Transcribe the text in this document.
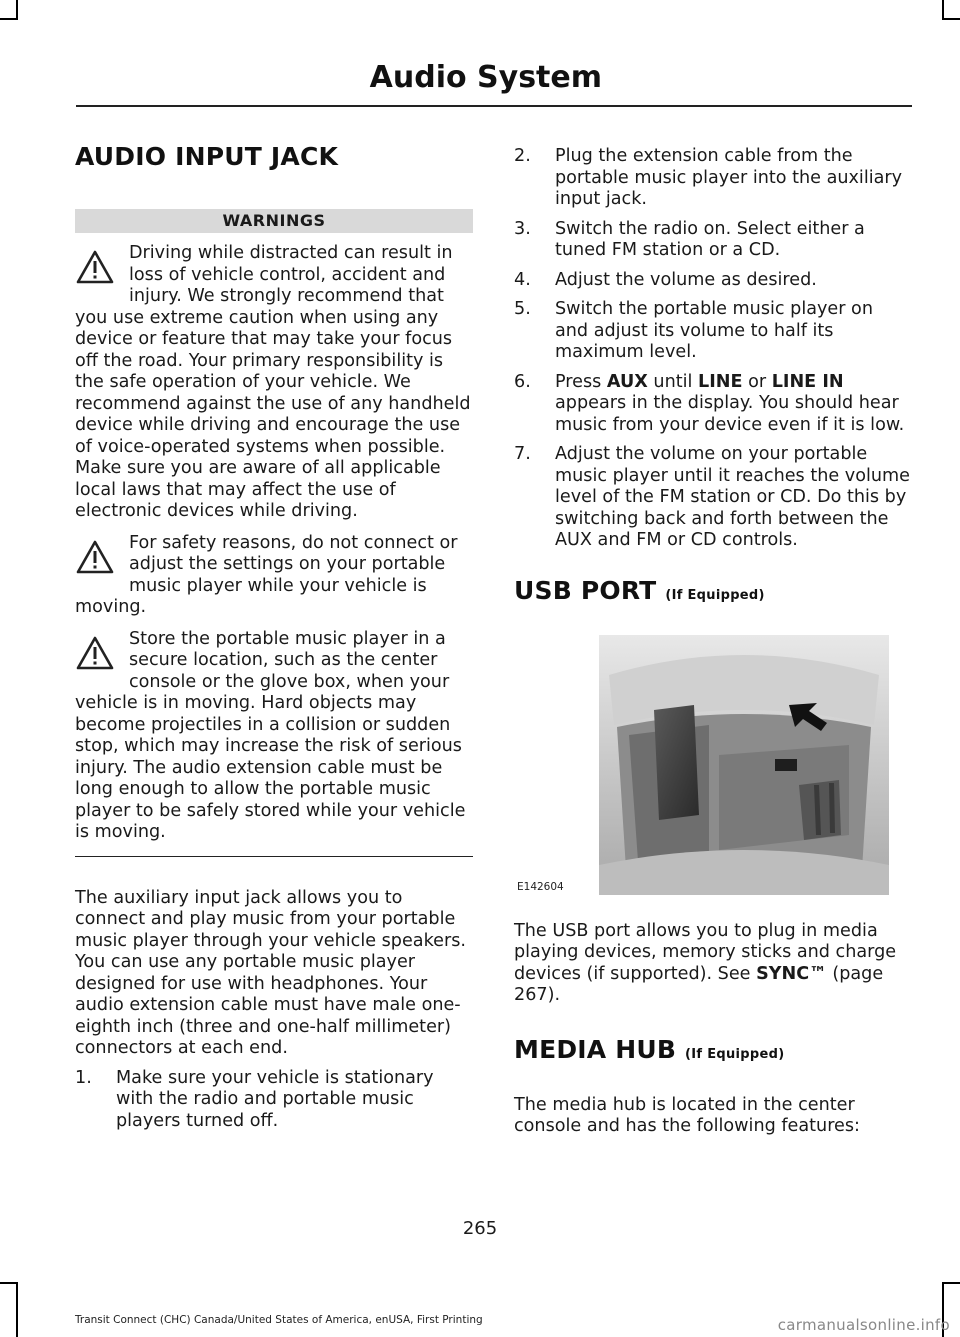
Audio System
AUDIO INPUT JACK
WARNINGS

Driving while distracted can result in loss of vehicle control, accident and injury. We strongly recommend that you use extreme caution when using any device or feature that may take your focus off the road. Your primary responsibility is the safe operation of your vehicle. We recommend against the use of any handheld device while driving and encourage the use of voice-operated systems when possible. Make sure you are aware of all applicable local laws that may affect the use of electronic devices while driving.

For safety reasons, do not connect or adjust the settings on your portable music player while your vehicle is moving.

Store the portable music player in a secure location, such as the center console or the glove box, when your vehicle is in moving. Hard objects may become projectiles in a collision or sudden stop, which may increase the risk of serious injury. The audio extension cable must be long enough to allow the portable music player to be safely stored while your vehicle is moving.

The auxiliary input jack allows you to connect and play music from your portable music player through your vehicle speakers. You can use any portable music player designed for use with headphones. Your audio extension cable must have male one-eighth inch (three and one-half millimeter) connectors at each end.

1. Make sure your vehicle is stationary with the radio and portable music players turned off.
2. Plug the extension cable from the portable music player into the auxiliary input jack.
3. Switch the radio on. Select either a tuned FM station or a CD.
4. Adjust the volume as desired.
5. Switch the portable music player on and adjust its volume to half its maximum level.
6. Press AUX until LINE or LINE IN appears in the display. You should hear music from your device even if it is low.
7. Adjust the volume on your portable music player until it reaches the volume level of the FM station or CD. Do this by switching back and forth between the AUX and FM or CD controls.
USB PORT (If Equipped)
E142604

The USB port allows you to plug in media playing devices, memory sticks and charge devices (if supported). See SYNC™ (page 267).

MEDIA HUB (If Equipped)

The media hub is located in the center console and has the following features:

265
Transit Connect (CHC) Canada/United States of America, enUSA, First Printing	carmanualsonline.info
